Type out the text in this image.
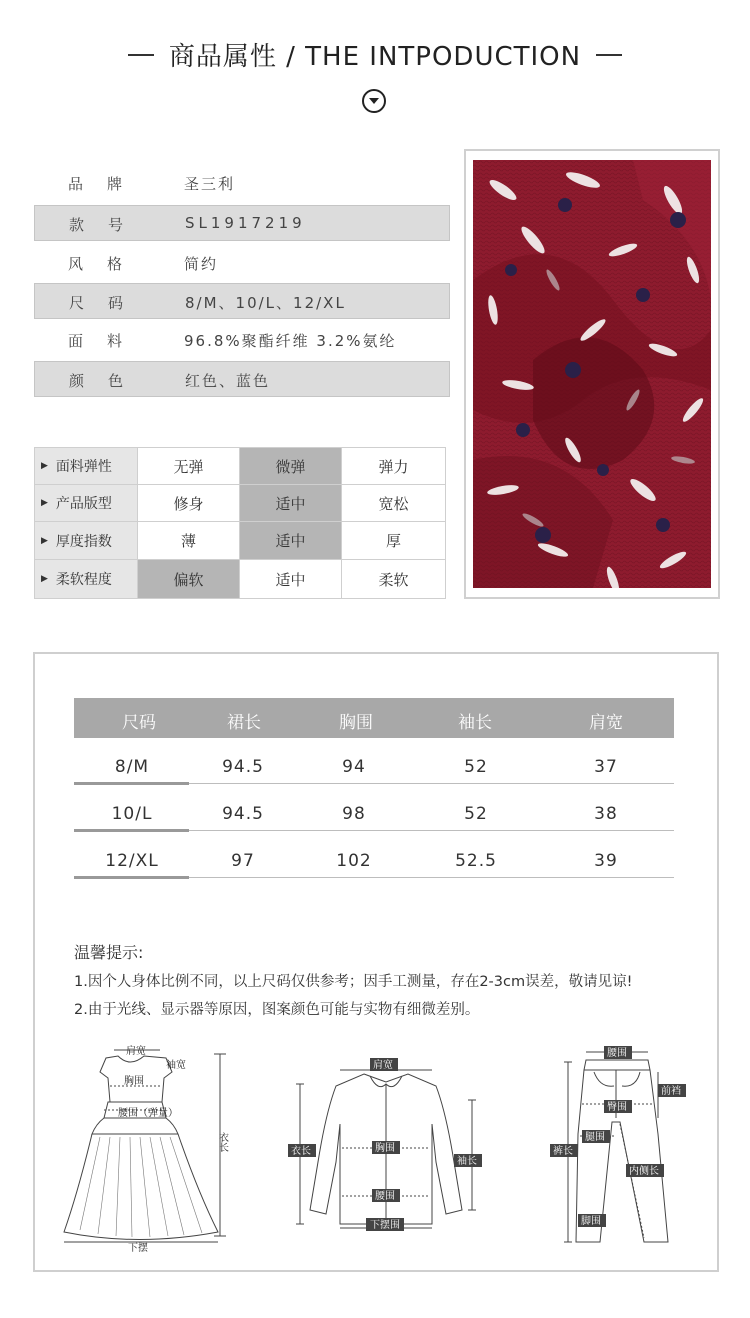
商品属性 / THE INTPODUCTION
品牌	圣三利
款号	SL1917219
风格	简约
尺码	8/M、10/L、12/XL
面料	96.8%聚酯纤维 3.2%氨纶
颜色	红色、蓝色
▶ 面料弹性	无弹	微弹	弹力
▶ 产品版型	修身	适中	宽松
▶ 厚度指数	薄	适中	厚
▶ 柔软程度	偏软	适中	柔软
尺码	裙长	胸围	袖长	肩宽
8/M	94.5	94	52	37
10/L	94.5	98	52	38
12/XL	97	102	52.5	39
温馨提示:
1.因个人身体比例不同，以上尺码仅供参考；因手工测量，存在2-3cm误差，敬请见谅!
2.由于光线、显示器等原因，图案颜色可能与实物有细微差别。
肩宽
袖宽
胸围
腰围（弹量）
衣长
下摆
肩宽
衣长	胸围
袖长
腰围
下摆围
腰围
前裆
臀围
腿围
裤长
内侧长
脚围
